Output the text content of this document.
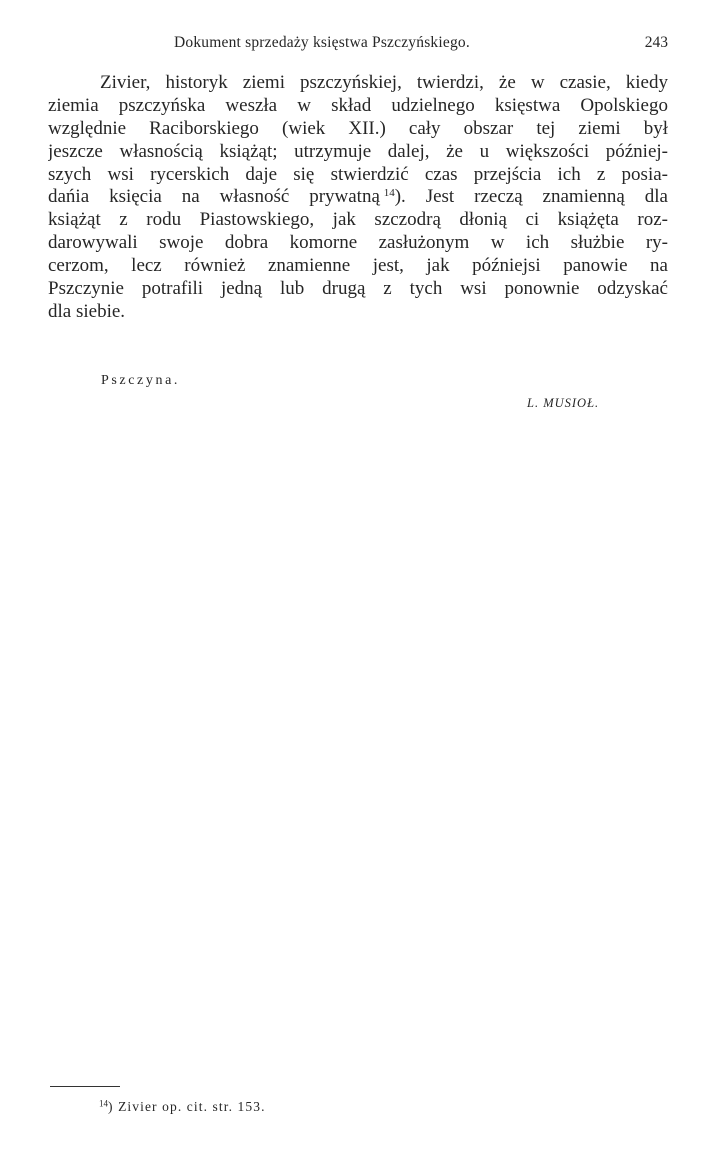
Dokument sprzedaży księstwa Pszczyńskiego.	243
Zivier, historyk ziemi pszczyńskiej, twierdzi, że w czasie, kiedy
ziemia pszczyńska weszła w skład udzielnego księstwa Opolskiego
względnie Raciborskiego (wiek XII.) cały obszar tej ziemi był
jeszcze własnością książąt; utrzymuje dalej, że u większości później-
szych wsi rycerskich daje się stwierdzić czas przejścia ich z posia-
dańia księcia na własność prywatną  $^{14}$). Jest rzeczą znamienną dla
książąt z rodu Piastowskiego, jak szczodrą dłonią ci książęta roz-
darowywali swoje dobra komorne zasłużonym w ich służbie ry-
cerzom, lecz również znamienne jest, jak późniejsi panowie na
Pszczynie potrafili jedną lub drugą z tych wsi ponownie odzyskać
dla siebie.
Pszczyna.
L. MUSIOŁ.
$^{14}$) Zivier op. cit. str. 153.
